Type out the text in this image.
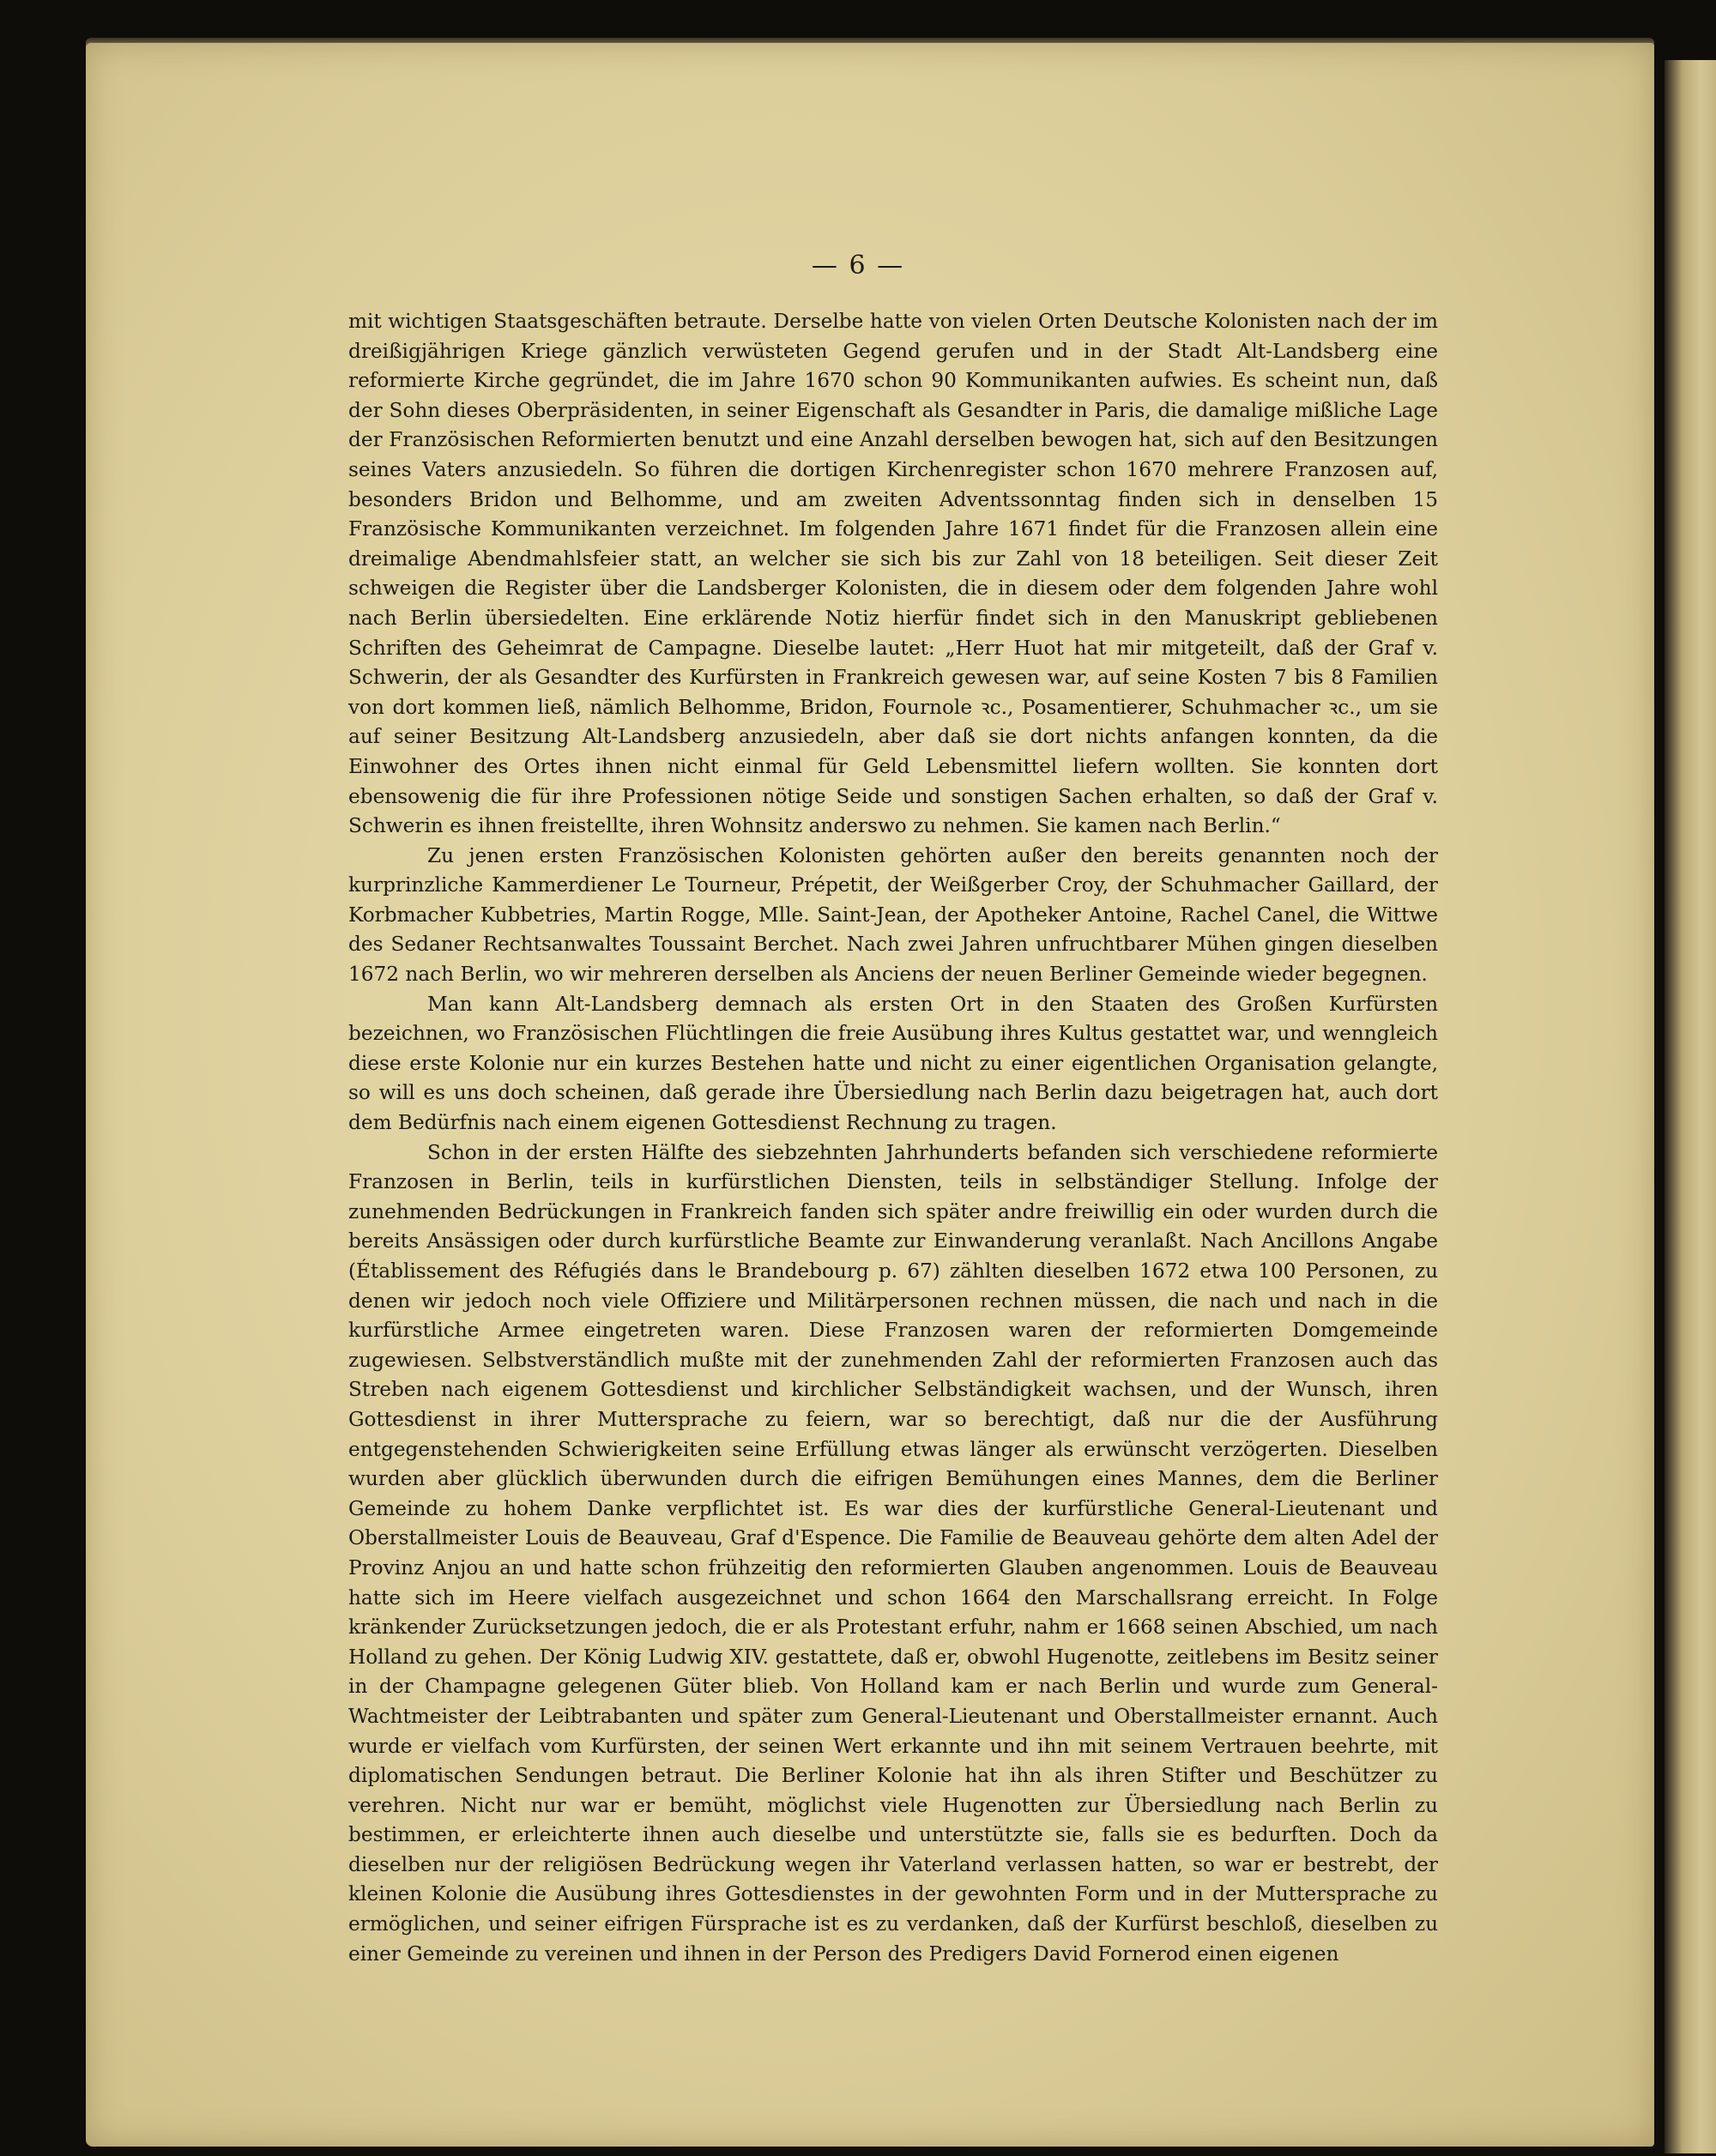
— 6 —

mit wichtigen Staatsgeschäften betraute. Derselbe hatte von vielen Orten Deutsche Kolonisten nach der im dreißigjährigen Kriege gänzlich verwüsteten Gegend gerufen und in der Stadt Alt-Landsberg eine reformierte Kirche gegründet, die im Jahre 1670 schon 90 Kommunikanten aufwies. Es scheint nun, daß der Sohn dieses Oberpräsidenten, in seiner Eigenschaft als Gesandter in Paris, die damalige mißliche Lage der Französischen Reformierten benutzt und eine Anzahl derselben bewogen hat, sich auf den Besitzungen seines Vaters anzusiedeln. So führen die dortigen Kirchenregister schon 1670 mehrere Franzosen auf, besonders Bridon und Belhomme, und am zweiten Adventssonntag finden sich in denselben 15 Französische Kommunikanten verzeichnet. Im folgenden Jahre 1671 findet für die Franzosen allein eine dreimalige Abendmahlsfeier statt, an welcher sie sich bis zur Zahl von 18 beteiligen. Seit dieser Zeit schweigen die Register über die Landsberger Kolonisten, die in diesem oder dem folgenden Jahre wohl nach Berlin übersiedelten. Eine erklärende Notiz hierfür findet sich in den Manuskript gebliebenen Schriften des Geheimrat de Campagne. Dieselbe lautet: „Herr Huot hat mir mitgeteilt, daß der Graf v. Schwerin, der als Gesandter des Kurfürsten in Frankreich gewesen war, auf seine Kosten 7 bis 8 Familien von dort kommen ließ, nämlich Belhomme, Bridon, Fournole ꝛc., Posamentierer, Schuhmacher ꝛc., um sie auf seiner Besitzung Alt-Landsberg anzusiedeln, aber daß sie dort nichts anfangen konnten, da die Einwohner des Ortes ihnen nicht einmal für Geld Lebensmittel liefern wollten. Sie konnten dort ebensowenig die für ihre Professionen nötige Seide und sonstigen Sachen erhalten, so daß der Graf v. Schwerin es ihnen freistellte, ihren Wohnsitz anderswo zu nehmen. Sie kamen nach Berlin.“

Zu jenen ersten Französischen Kolonisten gehörten außer den bereits genannten noch der kurprinzliche Kammerdiener Le Tourneur, Prépetit, der Weißgerber Croy, der Schuhmacher Gaillard, der Korbmacher Kubbetries, Martin Rogge, Mlle. Saint-Jean, der Apotheker Antoine, Rachel Canel, die Wittwe des Sedaner Rechtsanwaltes Toussaint Berchet. Nach zwei Jahren unfruchtbarer Mühen gingen dieselben 1672 nach Berlin, wo wir mehreren derselben als Anciens der neuen Berliner Gemeinde wieder begegnen.

Man kann Alt-Landsberg demnach als ersten Ort in den Staaten des Großen Kurfürsten bezeichnen, wo Französischen Flüchtlingen die freie Ausübung ihres Kultus gestattet war, und wenngleich diese erste Kolonie nur ein kurzes Bestehen hatte und nicht zu einer eigentlichen Organisation gelangte, so will es uns doch scheinen, daß gerade ihre Übersiedlung nach Berlin dazu beigetragen hat, auch dort dem Bedürfnis nach einem eigenen Gottesdienst Rechnung zu tragen.

Schon in der ersten Hälfte des siebzehnten Jahrhunderts befanden sich verschiedene reformierte Franzosen in Berlin, teils in kurfürstlichen Diensten, teils in selbständiger Stellung. Infolge der zunehmenden Bedrückungen in Frankreich fanden sich später andre freiwillig ein oder wurden durch die bereits Ansässigen oder durch kurfürstliche Beamte zur Einwanderung veranlaßt. Nach Ancillons Angabe (Établissement des Réfugiés dans le Brandebourg p. 67) zählten dieselben 1672 etwa 100 Personen, zu denen wir jedoch noch viele Offiziere und Militärpersonen rechnen müssen, die nach und nach in die kurfürstliche Armee eingetreten waren. Diese Franzosen waren der reformierten Domgemeinde zugewiesen. Selbstverständlich mußte mit der zunehmenden Zahl der reformierten Franzosen auch das Streben nach eigenem Gottesdienst und kirchlicher Selbständigkeit wachsen, und der Wunsch, ihren Gottesdienst in ihrer Muttersprache zu feiern, war so berechtigt, daß nur die der Ausführung entgegenstehenden Schwierigkeiten seine Erfüllung etwas länger als erwünscht verzögerten. Dieselben wurden aber glücklich überwunden durch die eifrigen Bemühungen eines Mannes, dem die Berliner Gemeinde zu hohem Danke verpflichtet ist. Es war dies der kurfürstliche General-Lieutenant und Oberstallmeister Louis de Beauveau, Graf d'Espence. Die Familie de Beauveau gehörte dem alten Adel der Provinz Anjou an und hatte schon frühzeitig den reformierten Glauben angenommen. Louis de Beauveau hatte sich im Heere vielfach ausgezeichnet und schon 1664 den Marschallsrang erreicht. In Folge kränkender Zurücksetzungen jedoch, die er als Protestant erfuhr, nahm er 1668 seinen Abschied, um nach Holland zu gehen. Der König Ludwig XIV. gestattete, daß er, obwohl Hugenotte, zeitlebens im Besitz seiner in der Champagne gelegenen Güter blieb. Von Holland kam er nach Berlin und wurde zum General-Wachtmeister der Leibtrabanten und später zum General-Lieutenant und Oberstallmeister ernannt. Auch wurde er vielfach vom Kurfürsten, der seinen Wert erkannte und ihn mit seinem Vertrauen beehrte, mit diplomatischen Sendungen betraut. Die Berliner Kolonie hat ihn als ihren Stifter und Beschützer zu verehren. Nicht nur war er bemüht, möglichst viele Hugenotten zur Übersiedlung nach Berlin zu bestimmen, er erleichterte ihnen auch dieselbe und unterstützte sie, falls sie es bedurften. Doch da dieselben nur der religiösen Bedrückung wegen ihr Vaterland verlassen hatten, so war er bestrebt, der kleinen Kolonie die Ausübung ihres Gottesdienstes in der gewohnten Form und in der Muttersprache zu ermöglichen, und seiner eifrigen Fürsprache ist es zu verdanken, daß der Kurfürst beschloß, dieselben zu einer Gemeinde zu vereinen und ihnen in der Person des Predigers David Fornerod einen eigenen
